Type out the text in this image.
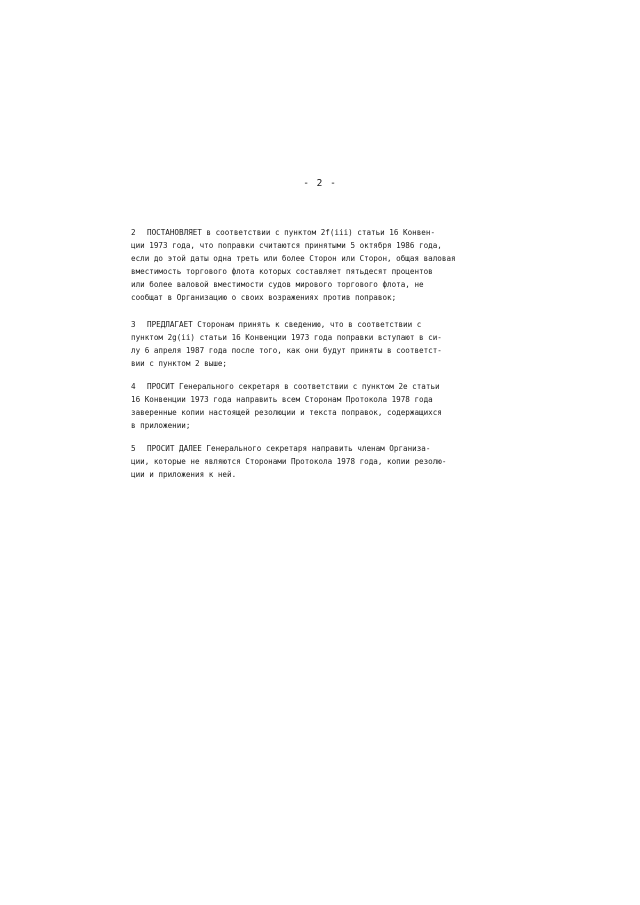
- 2 -
2 ПОСТАНОВЛЯЕТ в соответствии с пунктом 2f(iii) статьи 16 Конвен-
ции 1973 года, что поправки считаются принятыми 5 октября 1986 года,
если до этой даты одна треть или более Сторон или Сторон, общая валовая
вместимость торгового флота которых составляет пятьдесят процентов
или более валовой вместимости судов мирового торгового флота, не
сообщат в Организацию о своих возражениях против поправок;
3 ПРЕДЛАГАЕТ Сторонам принять к сведению, что в соответствии с
пунктом 2g(ii) статьи 16 Конвенции 1973 года поправки вступают в си-
лу 6 апреля 1987 года после того, как они будут приняты в соответст-
вии с пунктом 2 выше;
4 ПРОСИТ Генерального секретаря в соответствии с пунктом 2e статьи
16 Конвенции 1973 года направить всем Сторонам Протокола 1978 года
заверенные копии настоящей резолюции и текста поправок, содержащихся
в приложении;
5 ПРОСИТ ДАЛЕЕ Генерального секретаря направить членам Организа-
ции, которые не являются Сторонами Протокола 1978 года, копии резолю-
ции и приложения к ней.
